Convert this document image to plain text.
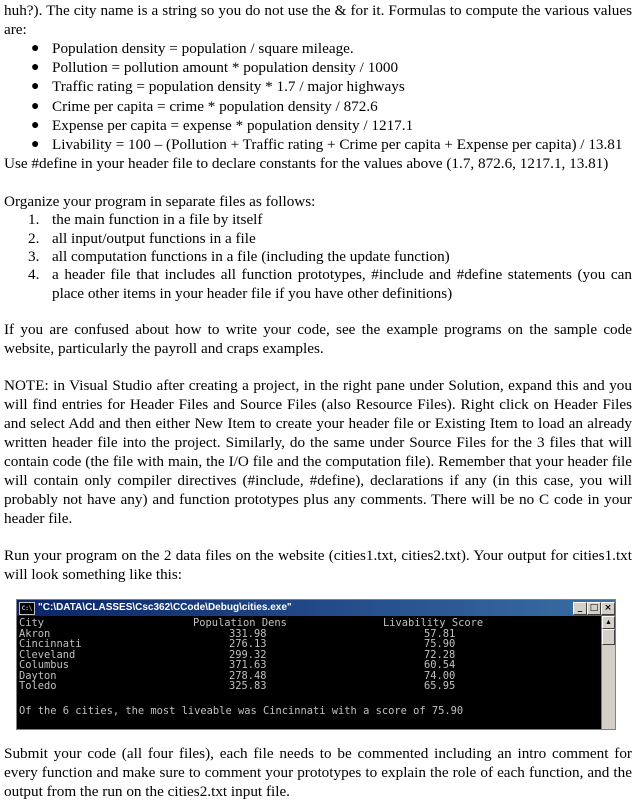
huh?). The city name is a string so you do not use the & for it. Formulas to compute the various values are:

● Population density = population / square mileage.
● Pollution = pollution amount * population density / 1000
● Traffic rating = population density * 1.7 / major highways
● Crime per capita = crime * population density / 872.6
● Expense per capita = expense * population density / 1217.1
● Livability = 100 – (Pollution + Traffic rating + Crime per capita + Expense per capita) / 13.81

Use #define in your header file to declare constants for the values above (1.7, 872.6, 1217.1, 13.81)

Organize your program in separate files as follows:

1. the main function in a file by itself
2. all input/output functions in a file
3. all computation functions in a file (including the update function)
4. a header file that includes all function prototypes, #include and #define statements (you can place other items in your header file if you have other definitions)

If you are confused about how to write your code, see the example programs on the sample code website, particularly the payroll and craps examples.

NOTE: in Visual Studio after creating a project, in the right pane under Solution, expand this and you will find entries for Header Files and Source Files (also Resource Files). Right click on Header Files and select Add and then either New Item to create your header file or Existing Item to load an already written header file into the project. Similarly, do the same under Source Files for the 3 files that will contain code (the file with main, the I/O file and the computation file). Remember that your header file will contain only compiler directives (#include, #define), declarations if any (in this case, you will probably not have any) and function prototypes plus any comments. There will be no C code in your header file.

Run your program on the 2 data files on the website (cities1.txt, cities2.txt). Your output for cities1.txt will look something like this:

C:\ "C:\DATA\CLASSES\Csc362\CCode\Debug\cities.exe"	_ □ ×
City	Population Dens	Livability Score
Akron	331.98	57.81
Cincinnati	276.13	75.90
Cleveland	299.32	72.28
Columbus	371.63	60.54
Dayton	278.48	74.00
Toledo	325.83	65.95
Of the 6 cities, the most liveable was Cincinnati with a score of 75.90
▲

Submit your code (all four files), each file needs to be commented including an intro comment for every function and make sure to comment your prototypes to explain the role of each function, and the output from the run on the cities2.txt input file.
